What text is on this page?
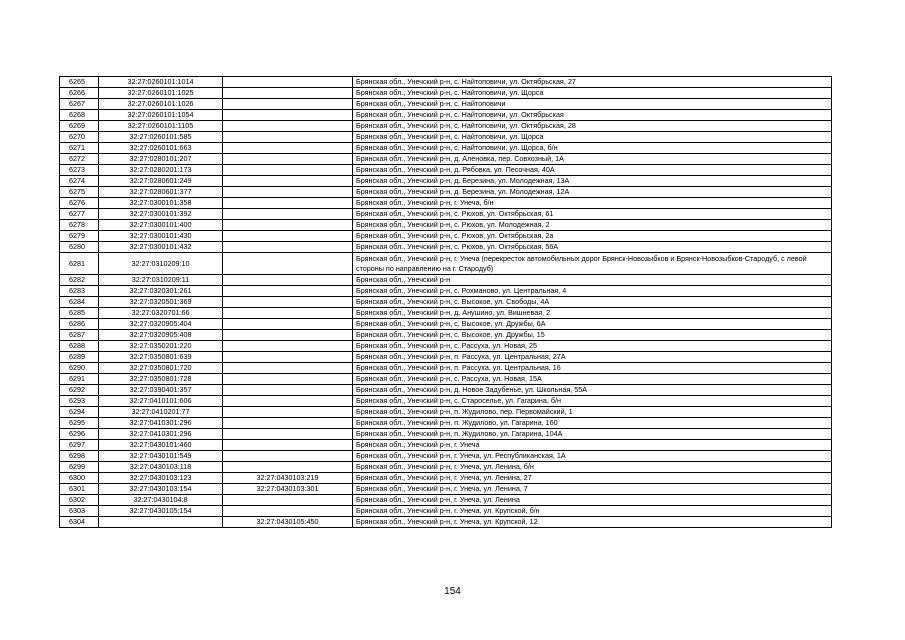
6265	32:27:0260101:1014		Брянская обл., Унечский р-н, с. Найтоповичи, ул. Октябрьская, 27
6266	32:27:0260101:1025		Брянская обл., Унечский р-н, с. Найтоповичи, ул. Щорса
6267	32:27:0260101:1026		Брянская обл., Унечский р-н, с. Найтоповичи
6268	32:27:0260101:1054		Брянская обл., Унечский р-н, с. Найтоповичи, ул. Октябрьская
6269	32:27:0260101:1105		Брянская обл., Унечский р-н, с. Найтоповичи, ул. Октябрьская, 28
6270	32:27:0260101:585		Брянская обл., Унечский р-н, с. Найтоповичи, ул. Щорса
6271	32:27:0260101:663		Брянская обл., Унечский р-н, с. Найтоповичи, ул. Щорса, б/н
6272	32:27:0280101:207		Брянская обл., Унечский р-н, д. Аленовка, пер. Совхозный, 1А
6273	32:27:0280201:173		Брянская обл., Унечский р-н, д. Рябовка, ул. Песочная, 40А
6274	32:27:0280601:249		Брянская обл., Унечский р-н, д. Березина, ул. Молодежная, 13А
6275	32:27:0280601:377		Брянская обл., Унечский р-н, д. Березина, ул. Молодежная, 12А
6276	32:27:0300101:358		Брянская обл., Унечский р-н, г. Унеча, б/н
6277	32:27:0300101:392		Брянская обл., Унечский р-н, с. Рюхов, ул. Октябрьская, 61
6278	32:27:0300101:400		Брянская обл., Унечский р-н, с. Рюхов, ул. Молодежная, 2
6279	32:27:0300101:430		Брянская обл., Унечский р-н, с. Рюхов, ул. Октябрьская, 2а
6280	32:27:0300101:432		Брянская обл., Унечский р-н, с. Рюхов, ул. Октябрьская, 56А
6281	32:27:0310209:10		Брянская обл., Унечский р-н, г. Унеча (перекресток автомобильных дорог Брянск-Новозыбков и Брянск-Новозыбков-Стародуб, с левой стороны по направлению на г. Стародуб)
6282	32:27:0310209:11		Брянская обл., Унечский р-н
6283	32:27:0320301:261		Брянская обл., Унечский р-н, с. Рохманово, ул. Центральная, 4
6284	32:27:0320501:369		Брянская обл., Унечский р-н, с. Высокое, ул. Свободы, 4А
6285	32:27:0320701:66		Брянская обл., Унечский р-н, д. Анушино, ул. Вишневая, 2
6286	32:27:0320905:404		Брянская обл., Унечский р-н, с. Высокое, ул. Дружбы, 6А
6287	32:27:0320905:408		Брянская обл., Унечский р-н, с. Высокое, ул. Дружбы, 15
6288	32:27:0350201:220		Брянская обл., Унечский р-н, с. Рассуха, ул. Новая, 25
6289	32:27:0350801:639		Брянская обл., Унечский р-н, п. Рассуха, ул. Центральная, 27А
6290	32:27:0350801:720		Брянская обл., Унечский р-н, п. Рассуха, ул. Центральная, 16
6291	32:27:0350801:728		Брянская обл., Унечский р-н, с. Рассуха, ул. Новая, 15А
6292	32:27:0390401:357		Брянская обл., Унечский р-н, д. Новое Задубенье, ул. Школьная, 55А
6293	32:27:0410101:606		Брянская обл., Унечский р-н, с. Старосельe, ул. Гагарина, б/н
6294	32:27:0410201:77		Брянская обл., Унечский р-н, п. Жудилово, пер. Первомайский, 1
6295	32:27:0410301:296		Брянская обл., Унечский р-н, п. Жудилово, ул. Гагарина, 160
6296	32:27:0410301:296		Брянская обл., Унечский р-н, п. Жудилово, ул. Гагарина, 104А
6297	32:27:0430101:460		Брянская обл., Унечский р-н, г. Унеча
6298	32:27:0430101:549		Брянская обл., Унечский р-н, г. Унеча, ул. Республиканская, 1А
6299	32:27:0430103:118		Брянская обл., Унечский р-н, г. Унеча, ул. Ленина, б/н
6300	32:27:0430103:123	32:27:0430103:219	Брянская обл., Унечский р-н, г. Унеча, ул. Ленина, 27
6301	32:27:0430103:154	32:27:0430103:301	Брянская обл., Унечский р-н, г. Унеча, ул. Ленина, 7
6302	32:27:0430104:8		Брянская обл., Унечский р-н, г. Унеча, ул. Ленина
6303	32:27:0430105:154		Брянская обл., Унечский р-н, г. Унеча, ул. Крупской, б/н
6304		32:27:0430105:450	Брянская обл., Унечский р-н, г. Унеча, ул. Крупской, 12
154
